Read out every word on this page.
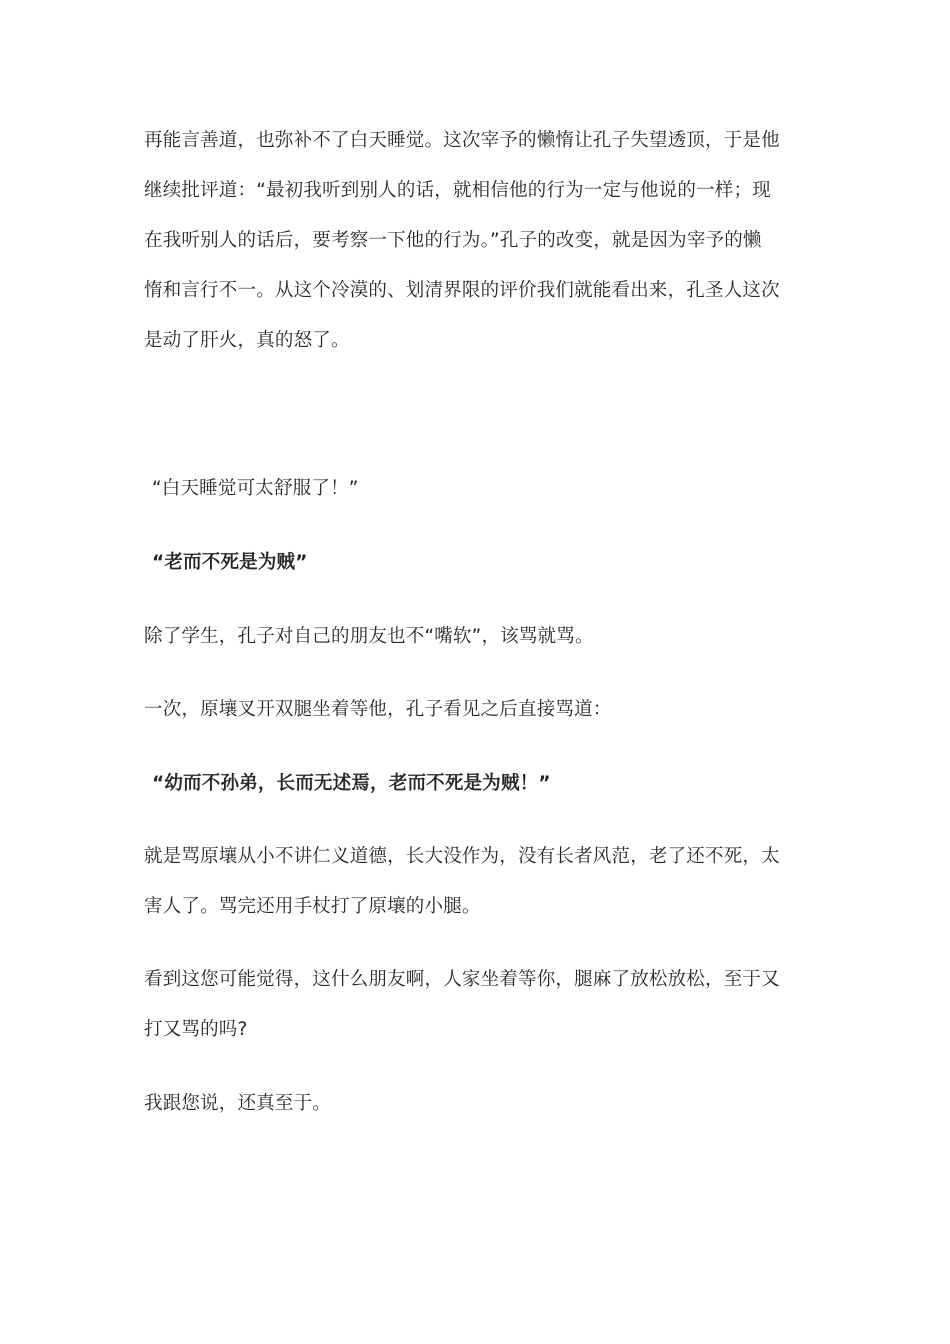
再能言善道，也弥补不了白天睡觉。这次宰予的懒惰让孔子失望透顶，于是他
继续批评道：“最初我听到别人的话，就相信他的行为一定与他说的一样；现
在我听别人的话后，要考察一下他的行为。”孔子的改变，就是因为宰予的懒
惰和言行不一。从这个冷漠的、划清界限的评价我们就能看出来，孔圣人这次
是动了肝火，真的怒了。
“白天睡觉可太舒服了！”
“老而不死是为贼”
除了学生，孔子对自己的朋友也不“嘴软”，该骂就骂。
一次，原壤叉开双腿坐着等他，孔子看见之后直接骂道：
“幼而不孙弟，长而无述焉，老而不死是为贼！”
就是骂原壤从小不讲仁义道德，长大没作为，没有长者风范，老了还不死，太
害人了。骂完还用手杖打了原壤的小腿。
看到这您可能觉得，这什么朋友啊，人家坐着等你，腿麻了放松放松，至于又
打又骂的吗?
我跟您说，还真至于。
